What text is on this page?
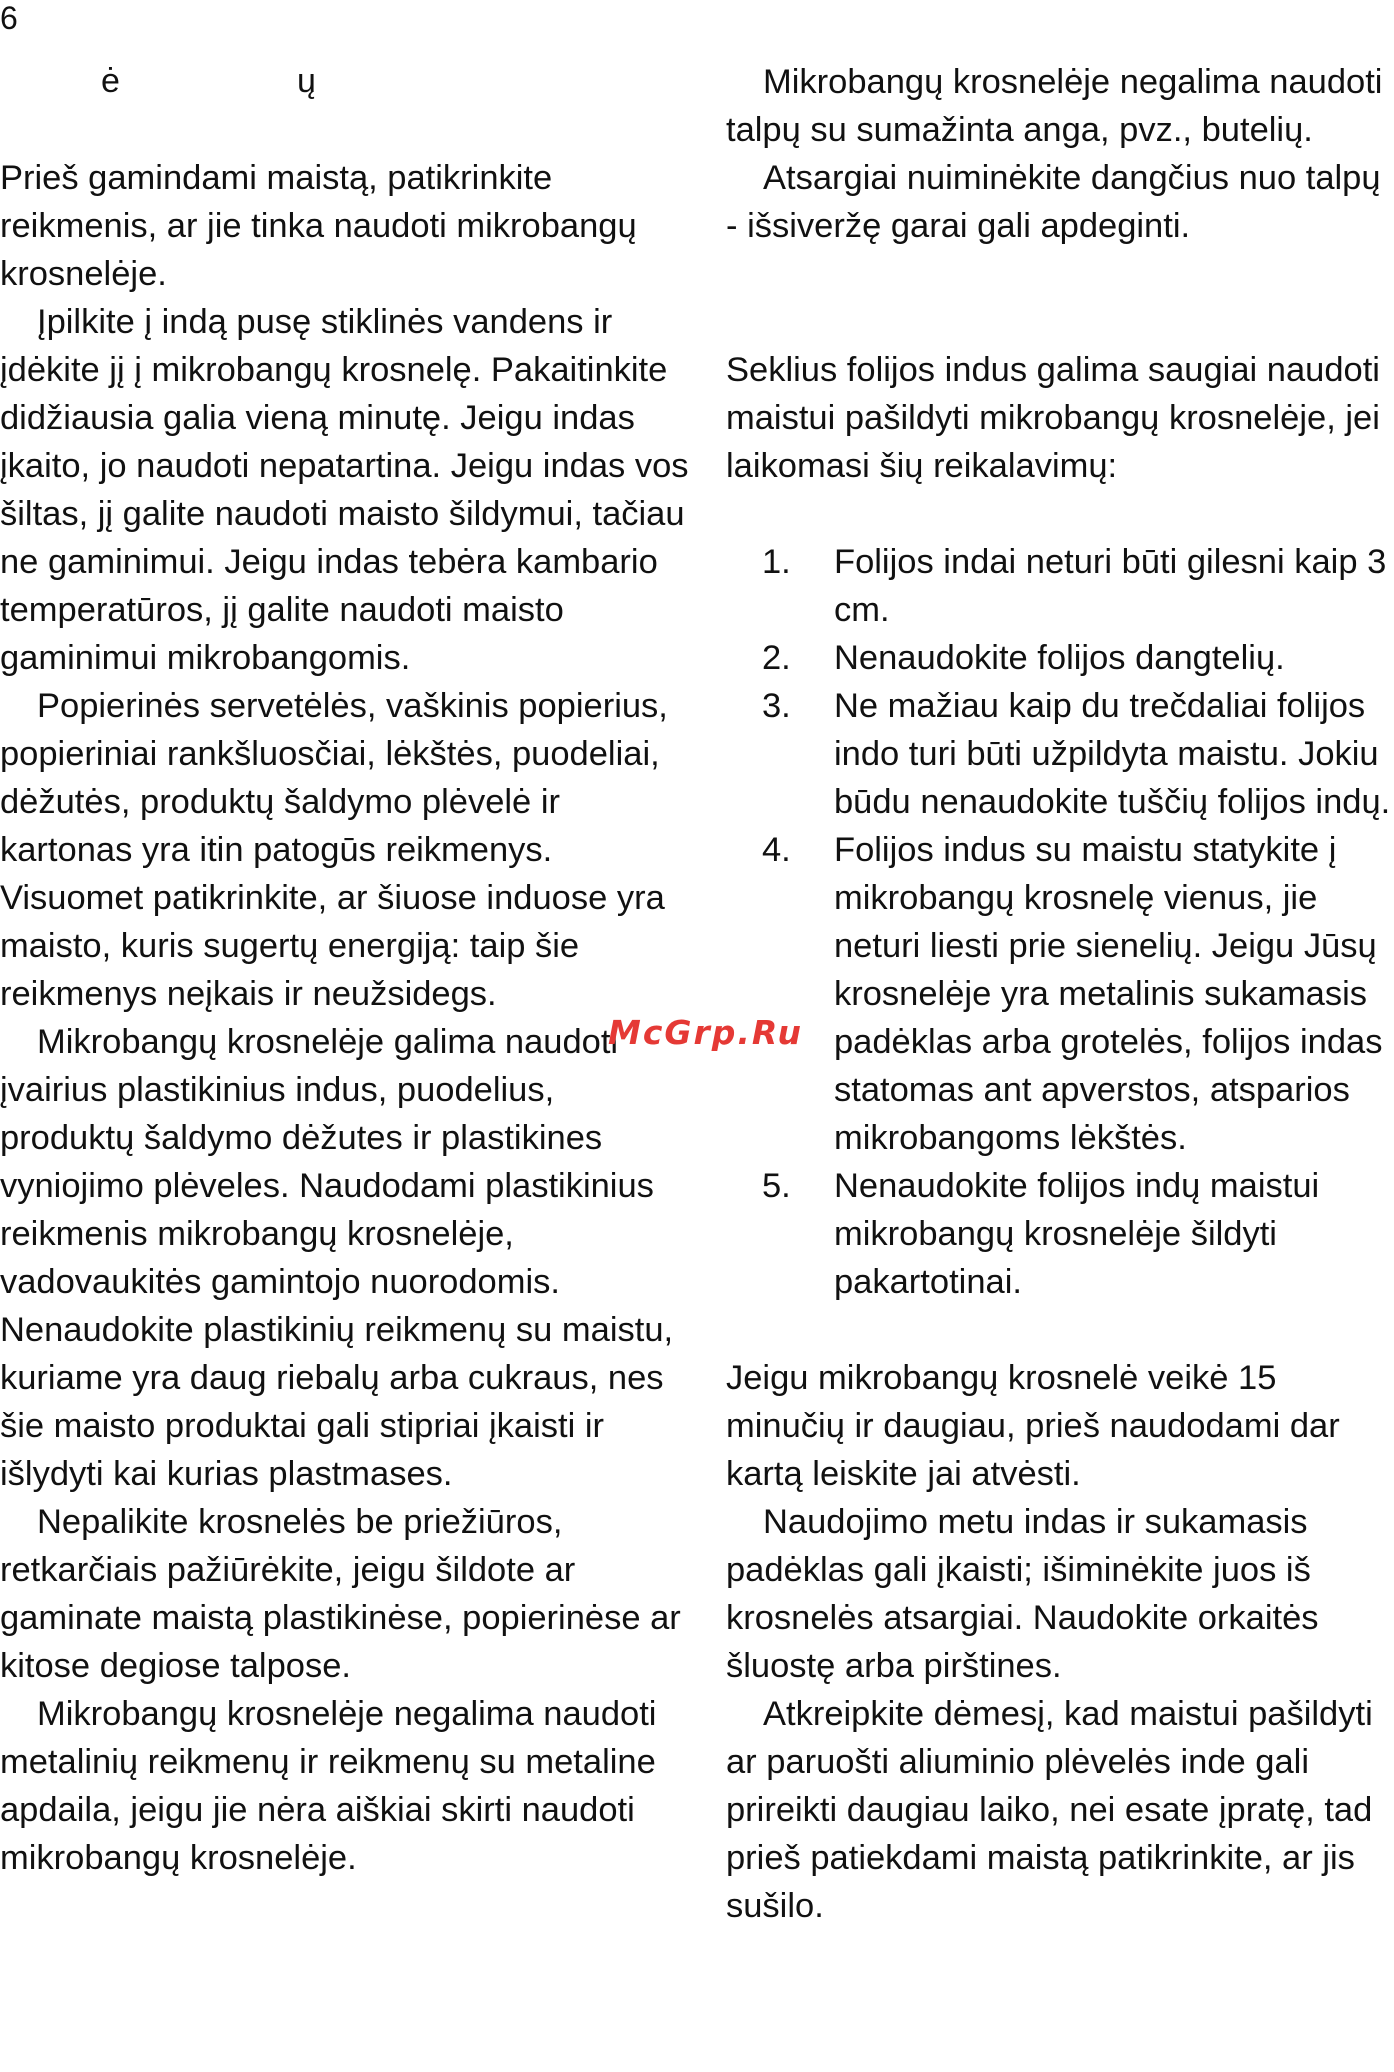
6
ė	ų

Prieš gamindami maistą, patikrinkite reikmenis, ar jie tinka naudoti mikrobangų krosnelėje.

Įpilkite į indą pusę stiklinės vandens ir įdėkite jį į mikrobangų krosnelę. Pakaitinkite didžiausia galia vieną minutę. Jeigu indas įkaito, jo naudoti nepatartina. Jeigu indas vos šiltas, jį galite naudoti maisto šildymui, tačiau ne gaminimui. Jeigu indas tebėra kambario temperatūros, jį galite naudoti maisto gaminimui mikrobangomis.

Popierinės servetėlės, vaškinis popierius, popieriniai rankšluosčiai, lėkštės, puodeliai, dėžutės, produktų šaldymo plėvelė ir kartonas yra itin patogūs reikmenys. Visuomet patikrinkite, ar šiuose induose yra maisto, kuris sugertų energiją: taip šie reikmenys neįkais ir neužsidegs.

Mikrobangų krosnelėje galima naudoti įvairius plastikinius indus, puodelius, produktų šaldymo dėžutes ir plastikines vyniojimo plėveles. Naudodami plastikinius reikmenis mikrobangų krosnelėje, vadovaukitės gamintojo nuorodomis. Nenaudokite plastikinių reikmenų su maistu, kuriame yra daug riebalų arba cukraus, nes šie maisto produktai gali stipriai įkaisti ir išlydyti kai kurias plastmases.

Nepalikite krosnelės be priežiūros, retkarčiais pažiūrėkite, jeigu šildote ar gaminate maistą plastikinėse, popierinėse ar kitose degiose talpose.

Mikrobangų krosnelėje negalima naudoti metalinių reikmenų ir reikmenų su metaline apdaila, jeigu jie nėra aiškiai skirti naudoti mikrobangų krosnelėje.

Mikrobangų krosnelėje negalima naudoti talpų su sumažinta anga, pvz., butelių.

Atsargiai nuiminėkite dangčius nuo talpų - išsiveržę garai gali apdeginti.

Seklius folijos indus galima saugiai naudoti maistui pašildyti mikrobangų krosnelėje, jei laikomasi šių reikalavimų:

1. Folijos indai neturi būti gilesni kaip 3 cm.
2. Nenaudokite folijos dangtelių.
3. Ne mažiau kaip du trečdaliai folijos indo turi būti užpildyta maistu. Jokiu būdu nenaudokite tuščių folijos indų.
4. Folijos indus su maistu statykite į mikrobangų krosnelę vienus, jie neturi liesti prie sienelių. Jeigu Jūsų krosnelėje yra metalinis sukamasis padėklas arba grotelės, folijos indas statomas ant apverstos, atsparios mikrobangoms lėkštės.
5. Nenaudokite folijos indų maistui mikrobangų krosnelėje šildyti pakartotinai.

Jeigu mikrobangų krosnelė veikė 15 minučių ir daugiau, prieš naudodami dar kartą leiskite jai atvėsti.

Naudojimo metu indas ir sukamasis padėklas gali įkaisti; išiminėkite juos iš krosnelės atsargiai. Naudokite orkaitės šluostę arba pirštines.

Atkreipkite dėmesį, kad maistui pašildyti ar paruošti aliuminio plėvelės inde gali prireikti daugiau laiko, nei esate įpratę, tad prieš patiekdami maistą patikrinkite, ar jis sušilo.

McGrp.Ru
